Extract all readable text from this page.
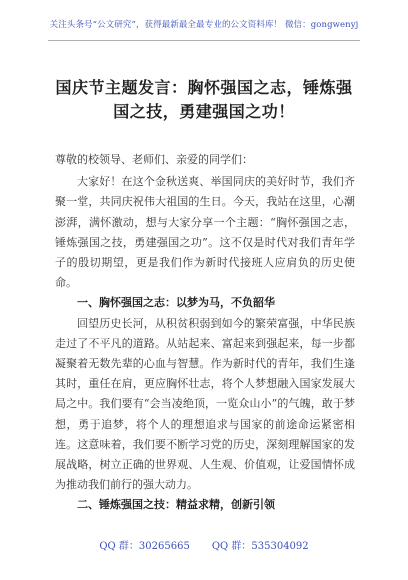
关注头条号“公文研究”，获得最新最全最专业的公文资料库！ 微信：gongwenyj
国庆节主题发言：胸怀强国之志，锤炼强国之技，勇建强国之功！

尊敬的校领导、老师们、亲爱的同学们：

大家好！在这个金秋送爽、举国同庆的美好时节，我们齐聚一堂，共同庆祝伟大祖国的生日。今天，我站在这里，心潮澎湃，满怀激动，想与大家分享一个主题：“胸怀强国之志，锤炼强国之技，勇建强国之功”。这不仅是时代对我们青年学子的殷切期望，更是我们作为新时代接班人应肩负的历史使命。

一、胸怀强国之志：以梦为马，不负韶华

回望历史长河，从积贫积弱到如今的繁荣富强，中华民族走过了不平凡的道路。从站起来、富起来到强起来，每一步都凝聚着无数先辈的心血与智慧。作为新时代的青年，我们生逢其时，重任在肩，更应胸怀壮志，将个人梦想融入国家发展大局之中。我们要有“会当凌绝顶，一览众山小”的气魄，敢于梦想，勇于追梦，将个人的理想追求与国家的前途命运紧密相连。这意味着，我们要不断学习党的历史，深刻理解国家的发展战略，树立正确的世界观、人生观、价值观，让爱国情怀成为推动我们前行的强大动力。

二、锤炼强国之技：精益求精，创新引领

QQ 群：30265665 QQ 群：535304092
